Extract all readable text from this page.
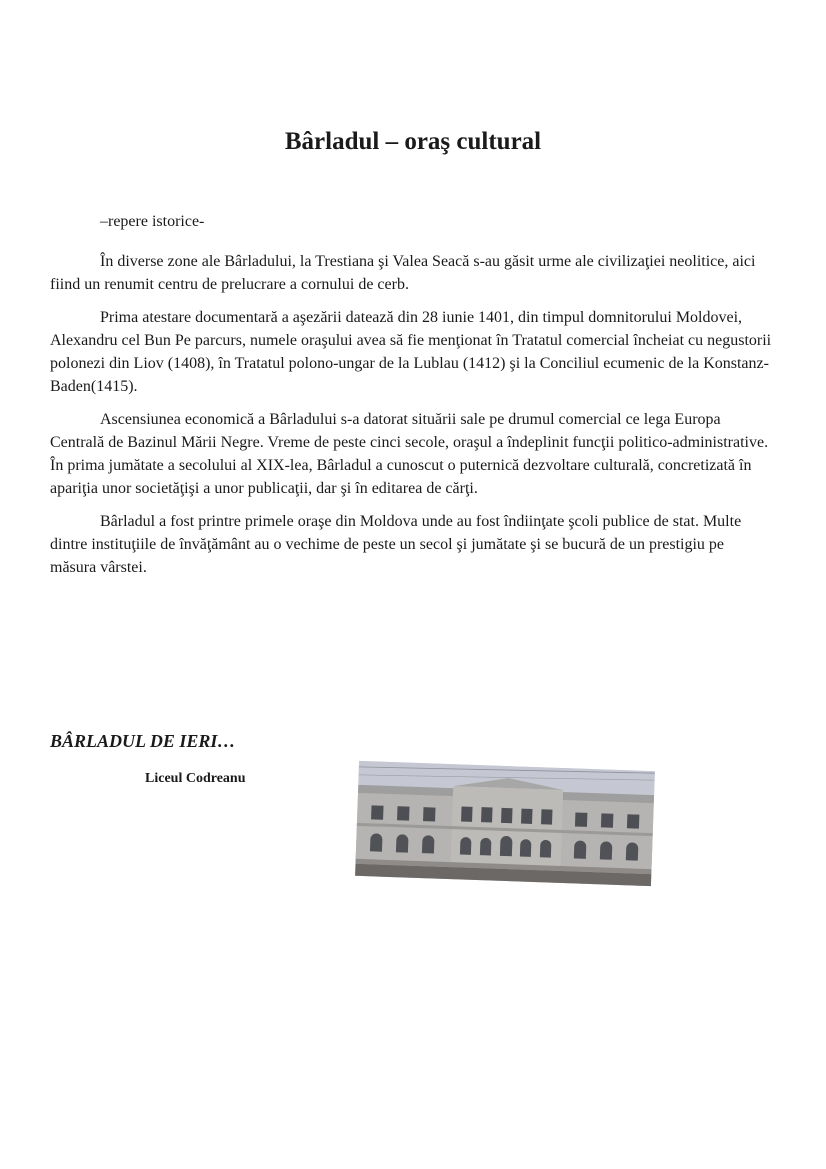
Bârladul – oraş cultural
–repere istorice-

În diverse zone ale Bârladului, la Trestiana şi Valea Seacă s-au găsit urme ale civilizaţiei neolitice, aici fiind un renumit centru de prelucrare a cornului de cerb.

Prima atestare documentară a aşezării datează din 28 iunie 1401, din timpul domnitorului Moldovei, Alexandru cel Bun Pe parcurs, numele oraşului avea să fie menţionat în Tratatul comercial încheiat cu negustorii polonezi din Liov (1408), în Tratatul polono-ungar de la Lublau (1412) şi la Conciliul ecumenic de la Konstanz-Baden(1415).

Ascensiunea economică a Bârladului s-a datorat situării sale pe drumul comercial ce lega Europa Centrală de Bazinul Mării Negre. Vreme de peste cinci secole, oraşul a îndeplinit funcţii politico-administrative. În prima jumătate a secolului al XIX-lea, Bârladul a cunoscut o puternică dezvoltare culturală, concretizată în apariţia unor societăţişi a unor publicaţii, dar şi în editarea de cărţi.

Bârladul a fost printre primele oraşe din Moldova unde au fost îndiinţate şcoli publice de stat. Multe dintre instituţiile de învăţământ au o vechime de peste un secol şi jumătate şi se bucură de un prestigiu pe măsura vârstei.

BÂRLADUL DE IERI…
Liceul Codreanu
